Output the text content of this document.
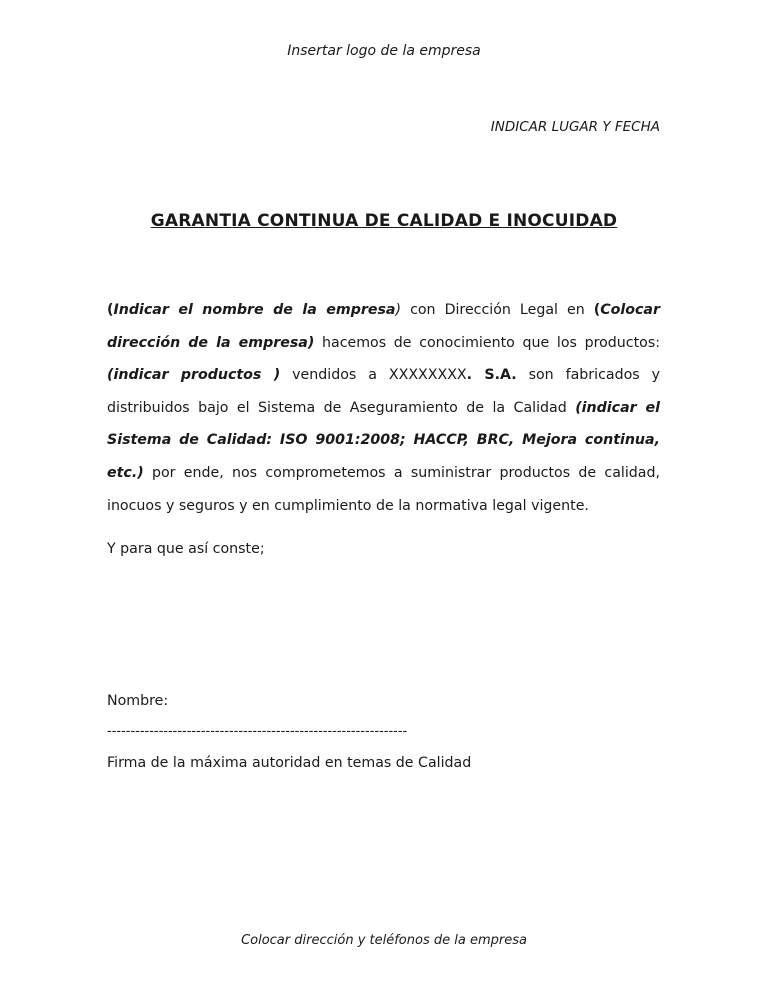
Insertar logo de la empresa
INDICAR LUGAR Y FECHA
GARANTIA CONTINUA DE CALIDAD E INOCUIDAD
(Indicar el nombre de la empresa) con Dirección Legal en (Colocar dirección de la empresa) hacemos de conocimiento que los productos: (indicar productos ) vendidos a XXXXXXXX. S.A. son fabricados y distribuidos bajo el Sistema de Aseguramiento de la Calidad (indicar el Sistema de Calidad: ISO 9001:2008; HACCP, BRC, Mejora continua, etc.) por ende, nos comprometemos a suministrar productos de calidad, inocuos y seguros y en cumplimiento de la normativa legal vigente.
Y para que así conste;
Nombre:
----------------------------------------------------------------
Firma de la máxima autoridad en temas de Calidad
Colocar dirección y teléfonos de la empresa
